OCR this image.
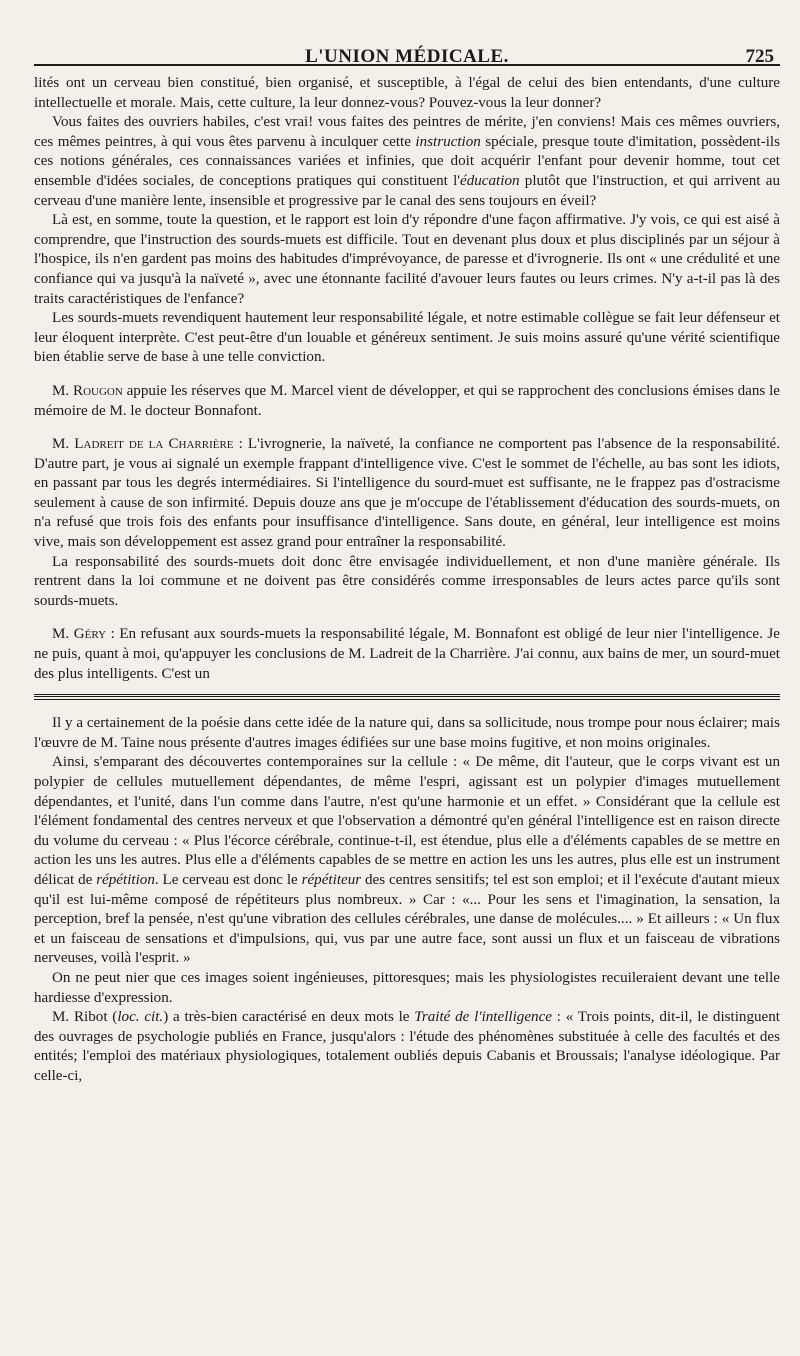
L'UNION MÉDICALE.	725

lités ont un cerveau bien constitué, bien organisé, et susceptible, à l'égal de celui des bien entendants, d'une culture intellectuelle et morale. Mais, cette culture, la leur donnez-vous? Pouvez-vous la leur donner?

Vous faites des ouvriers habiles, c'est vrai! vous faites des peintres de mérite, j'en conviens! Mais ces mêmes ouvriers, ces mêmes peintres, à qui vous êtes parvenu à inculquer cette instruction spéciale, presque toute d'imitation, possèdent-ils ces notions générales, ces connaissances variées et infinies, que doit acquérir l'enfant pour devenir homme, tout cet ensemble d'idées sociales, de conceptions pratiques qui constituent l'éducation plutôt que l'instruction, et qui arrivent au cerveau d'une manière lente, insensible et progressive par le canal des sens toujours en éveil?

Là est, en somme, toute la question, et le rapport est loin d'y répondre d'une façon affirmative. J'y vois, ce qui est aisé à comprendre, que l'instruction des sourds-muets est difficile. Tout en devenant plus doux et plus disciplinés par un séjour à l'hospice, ils n'en gardent pas moins des habitudes d'imprévoyance, de paresse et d'ivrognerie. Ils ont « une crédulité et une confiance qui va jusqu'à la naïveté », avec une étonnante facilité d'avouer leurs fautes ou leurs crimes. N'y a-t-il pas là des traits caractéristiques de l'enfance?

Les sourds-muets revendiquent hautement leur responsabilité légale, et notre estimable collègue se fait leur défenseur et leur éloquent interprète. C'est peut-être d'un louable et généreux sentiment. Je suis moins assuré qu'une vérité scientifique bien établie serve de base à une telle conviction.

M. Rougon appuie les réserves que M. Marcel vient de développer, et qui se rapprochent des conclusions émises dans le mémoire de M. le docteur Bonnafont.

M. Ladreit de la Charrière : L'ivrognerie, la naïveté, la confiance ne comportent pas l'absence de la responsabilité. D'autre part, je vous ai signalé un exemple frappant d'intelligence vive. C'est le sommet de l'échelle, au bas sont les idiots, en passant par tous les degrés intermédiaires. Si l'intelligence du sourd-muet est suffisante, ne le frappez pas d'ostracisme seulement à cause de son infirmité. Depuis douze ans que je m'occupe de l'établissement d'éducation des sourds-muets, on n'a refusé que trois fois des enfants pour insuffisance d'intelligence. Sans doute, en général, leur intelligence est moins vive, mais son développement est assez grand pour entraîner la responsabilité.

La responsabilité des sourds-muets doit donc être envisagée individuellement, et non d'une manière générale. Ils rentrent dans la loi commune et ne doivent pas être considérés comme irresponsables de leurs actes parce qu'ils sont sourds-muets.

M. Géry : En refusant aux sourds-muets la responsabilité légale, M. Bonnafont est obligé de leur nier l'intelligence. Je ne puis, quant à moi, qu'appuyer les conclusions de M. Ladreit de la Charrière. J'ai connu, aux bains de mer, un sourd-muet des plus intelligents. C'est un

Il y a certainement de la poésie dans cette idée de la nature qui, dans sa sollicitude, nous trompe pour nous éclairer; mais l'œuvre de M. Taine nous présente d'autres images édifiées sur une base moins fugitive, et non moins originales.

Ainsi, s'emparant des découvertes contemporaines sur la cellule : « De même, dit l'auteur, que le corps vivant est un polypier de cellules mutuellement dépendantes, de même l'espri, agissant est un polypier d'images mutuellement dépendantes, et l'unité, dans l'un comme dans l'autre, n'est qu'une harmonie et un effet. » Considérant que la cellule est l'élément fondamental des centres nerveux et que l'observation a démontré qu'en général l'intelligence est en raison directe du volume du cerveau : « Plus l'écorce cérébrale, continue-t-il, est étendue, plus elle a d'éléments capables de se mettre en action les uns les autres. Plus elle a d'éléments capables de se mettre en action les uns les autres, plus elle est un instrument délicat de répétition. Le cerveau est donc le répétiteur des centres sensitifs; tel est son emploi; et il l'exécute d'autant mieux qu'il est lui-même composé de répétiteurs plus nombreux. » Car : «... Pour les sens et l'imagination, la sensation, la perception, bref la pensée, n'est qu'une vibration des cellules cérébrales, une danse de molécules.... » Et ailleurs : « Un flux et un faisceau de sensations et d'impulsions, qui, vus par une autre face, sont aussi un flux et un faisceau de vibrations nerveuses, voilà l'esprit. »

On ne peut nier que ces images soient ingénieuses, pittoresques; mais les physiologistes recuileraient devant une telle hardiesse d'expression.

M. Ribot (loc. cit.) a très-bien caractérisé en deux mots le Traité de l'intelligence : « Trois points, dit-il, le distinguent des ouvrages de psychologie publiés en France, jusqu'alors : l'étude des phénomènes substituée à celle des facultés et des entités; l'emploi des matériaux physiologiques, totalement oubliés depuis Cabanis et Broussais; l'analyse idéologique. Par celle-ci,
